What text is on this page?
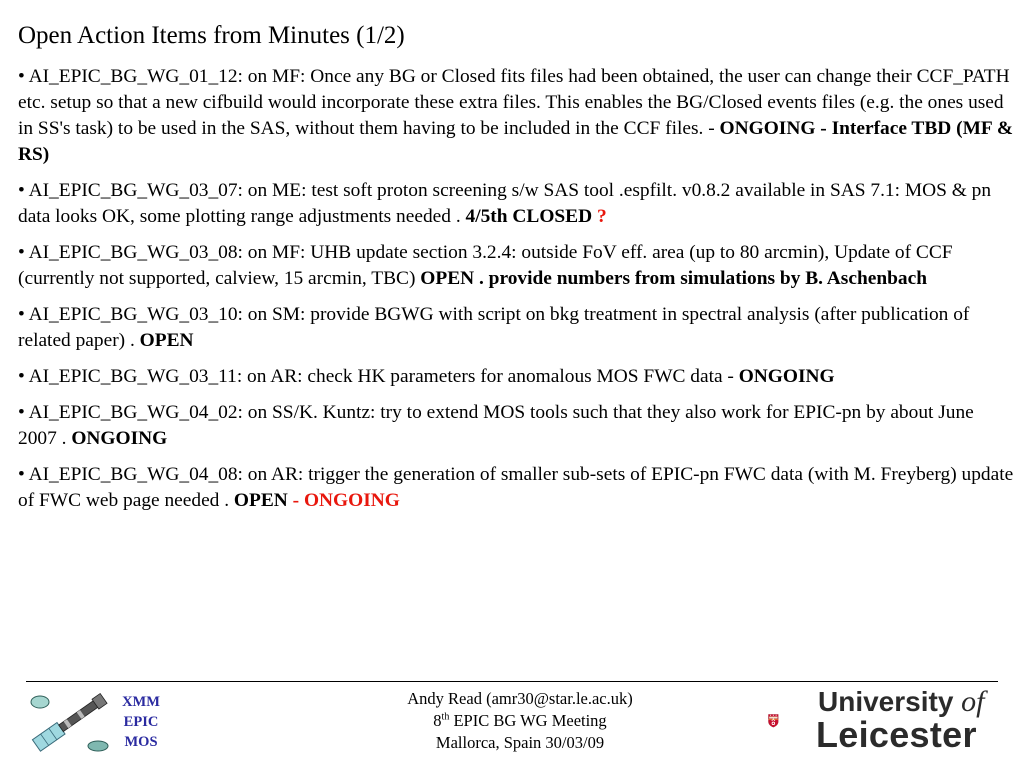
Open Action Items from Minutes (1/2)
• AI_EPIC_BG_WG_01_12: on MF: Once any BG or Closed fits files had been obtained, the user can change their CCF_PATH etc. setup so that a new cifbuild would incorporate these extra files. This enables the BG/Closed events files (e.g. the ones used in SS's task) to be used in the SAS, without them having to be included in the CCF files. - ONGOING - Interface TBD (MF & RS)
• AI_EPIC_BG_WG_03_07: on ME: test soft proton screening s/w SAS tool .espfilt. v0.8.2 available in SAS 7.1: MOS & pn data looks OK, some plotting range adjustments needed . 4/5th CLOSED ?
• AI_EPIC_BG_WG_03_08: on MF: UHB update section 3.2.4: outside FoV eff. area (up to 80 arcmin), Update of CCF (currently not supported, calview, 15 arcmin, TBC) OPEN . provide numbers from simulations by B. Aschenbach
• AI_EPIC_BG_WG_03_10: on SM: provide BGWG with script on bkg treatment in spectral analysis (after publication of related paper) . OPEN
• AI_EPIC_BG_WG_03_11: on AR: check HK parameters for anomalous MOS FWC data - ONGOING
• AI_EPIC_BG_WG_04_02: on SS/K. Kuntz: try to extend MOS tools such that they also work for EPIC-pn by about June 2007 . ONGOING
• AI_EPIC_BG_WG_04_08: on AR: trigger the generation of smaller sub-sets of EPIC-pn FWC data (with M. Freyberg) update of FWC web page needed . OPEN - ONGOING
XMM
EPIC
MOS
Andy Read (amr30@star.le.ac.uk)
8th EPIC BG WG Meeting
Mallorca, Spain 30/03/09
University of
Leicester
